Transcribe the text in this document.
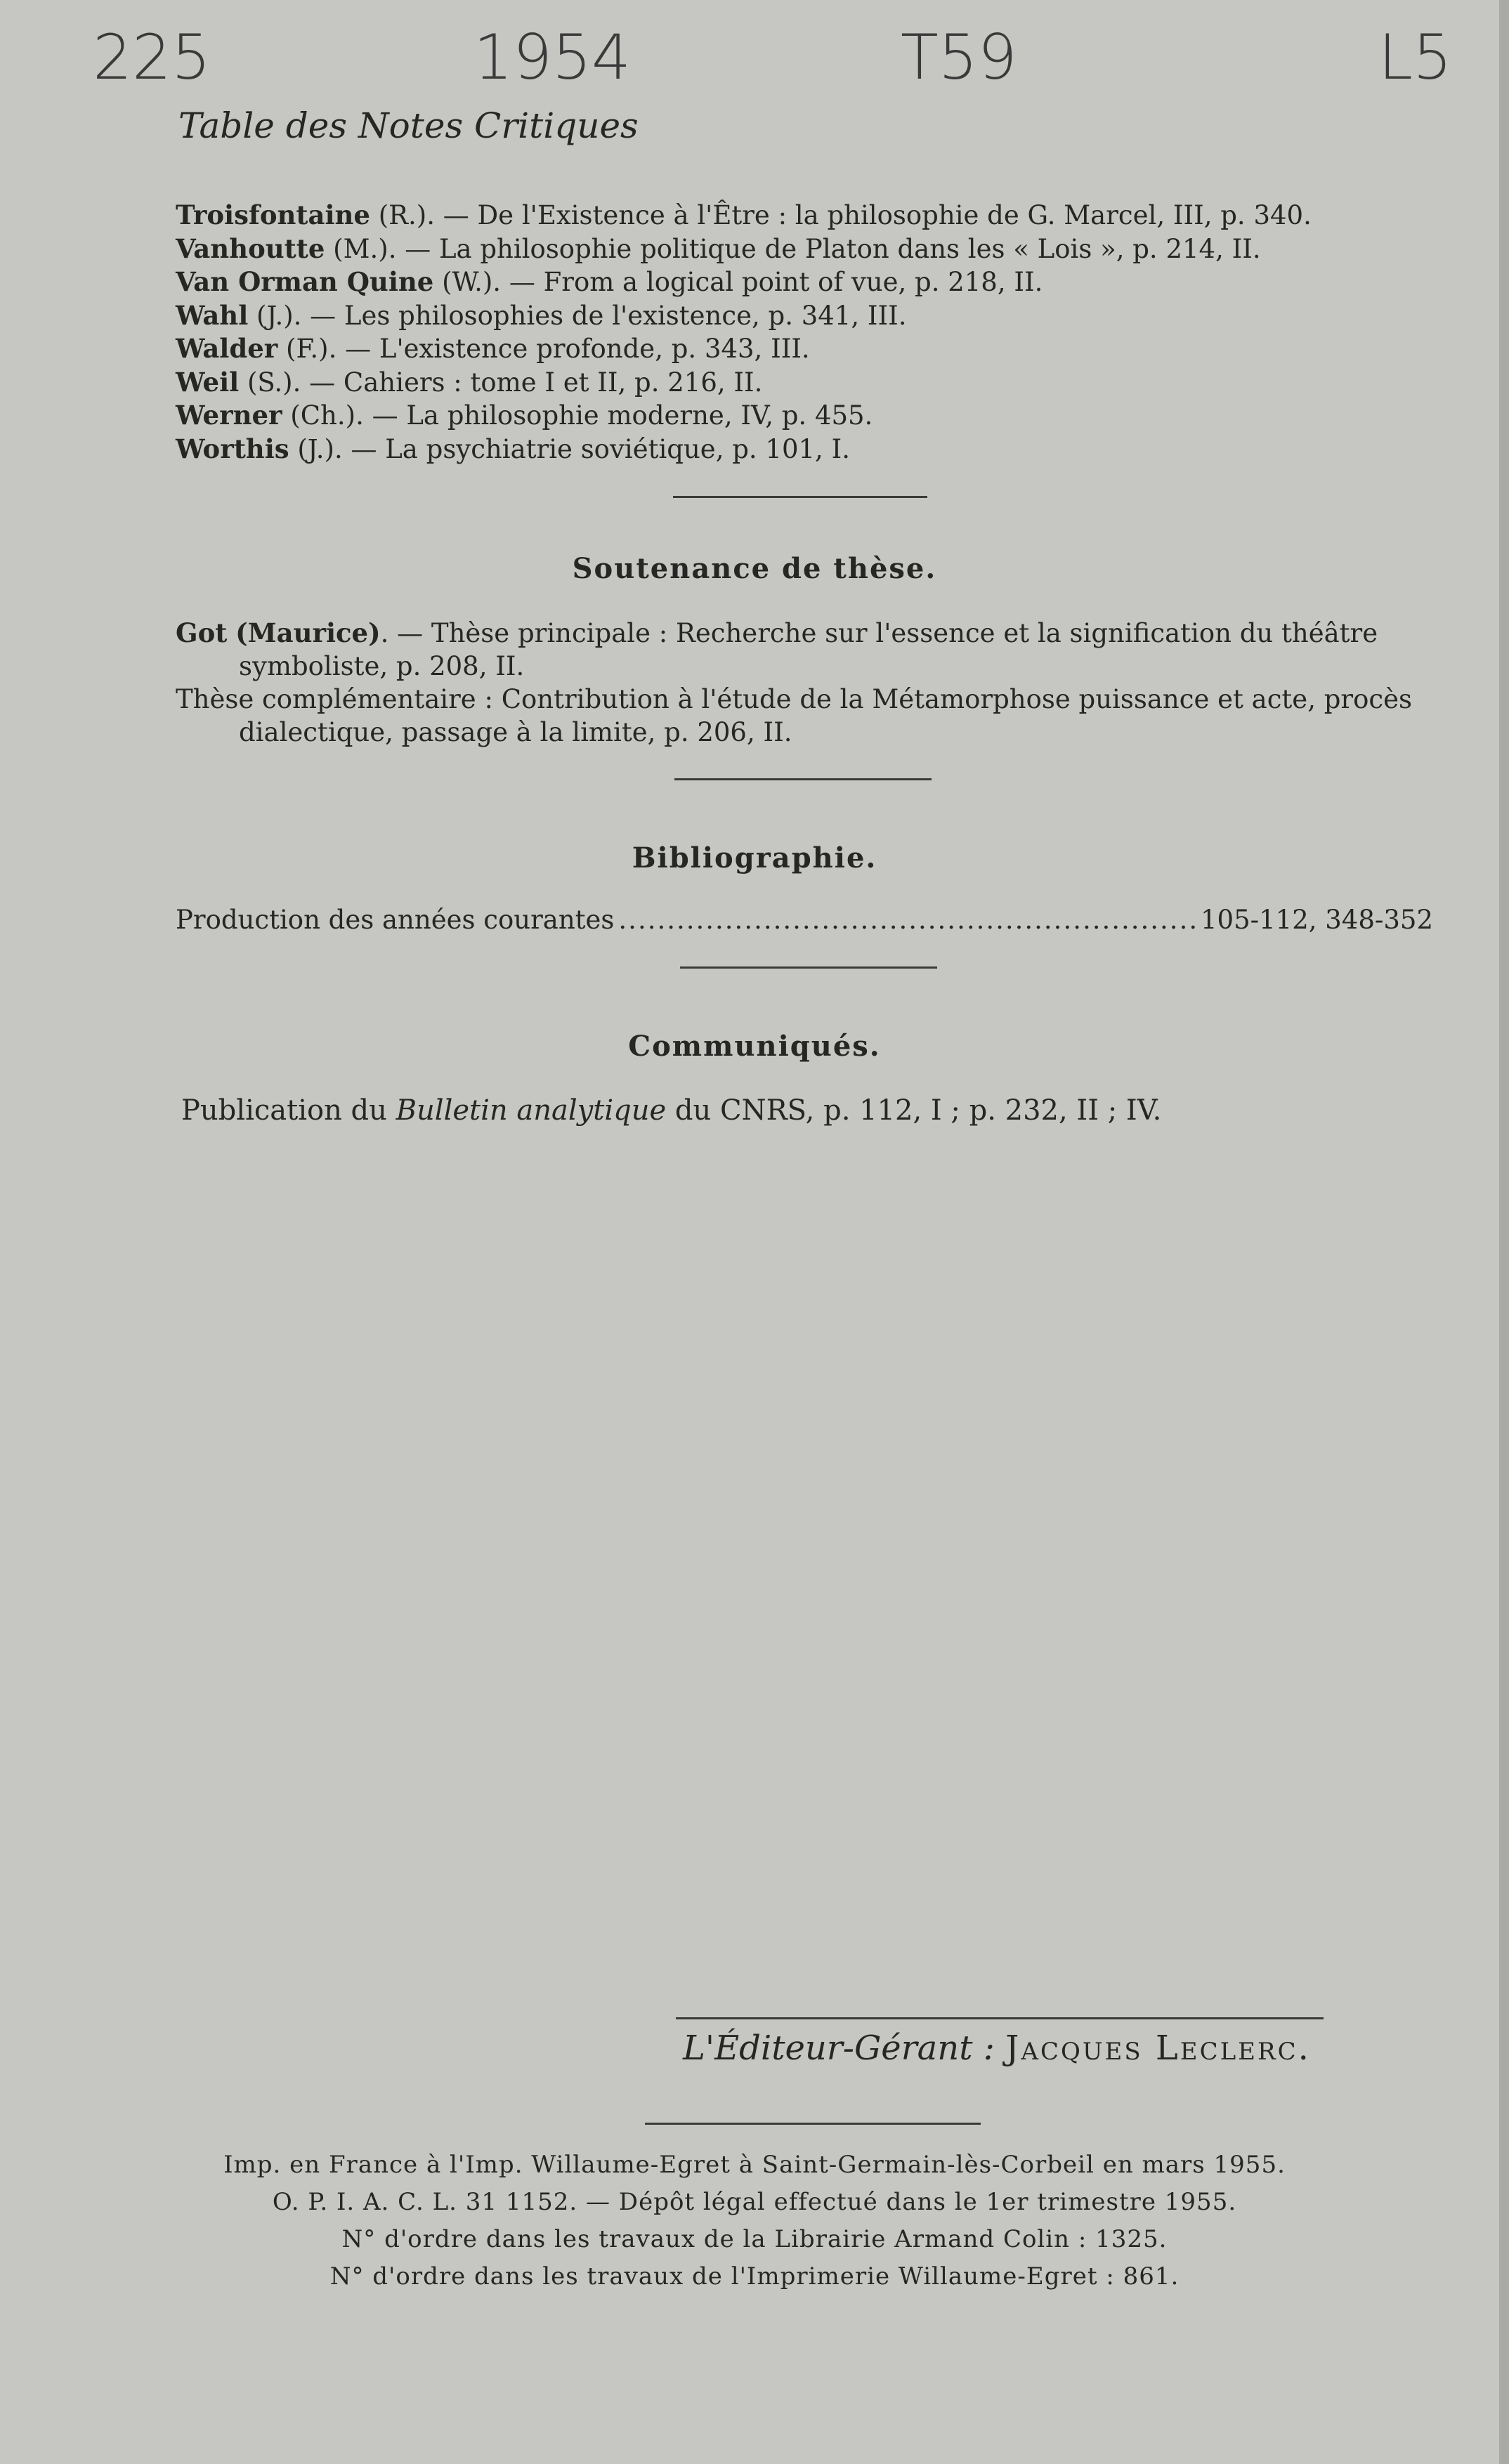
225	1954	T59	L5
Table des Notes Critiques
Troisfontaine (R.). — De l'Existence à l'Être : la philosophie de G. Marcel, III, p. 340.
Vanhoutte (M.). — La philosophie politique de Platon dans les « Lois », p. 214, II.
Van Orman Quine (W.). — From a logical point of vue, p. 218, II.
Wahl (J.). — Les philosophies de l'existence, p. 341, III.
Walder (F.). — L'existence profonde, p. 343, III.
Weil (S.). — Cahiers : tome I et II, p. 216, II.
Werner (Ch.). — La philosophie moderne, IV, p. 455.
Worthis (J.). — La psychiatrie soviétique, p. 101, I.
Soutenance de thèse.

Got (Maurice). — Thèse principale : Recherche sur l'essence et la signification du théâtre symboliste, p. 208, II.

Thèse complémentaire : Contribution à l'étude de la Métamorphose puissance et acte, procès dialectique, passage à la limite, p. 206, II.

Bibliographie.
Production des années courantes
.....	105-112, 348-352
Communiqués.
Publication du Bulletin analytique du CNRS, p. 112, I ; p. 232, II ; IV.
L'Éditeur-Gérant : Jacques Leclerc.
Imp. en France à l'Imp. Willaume-Egret à Saint-Germain-lès-Corbeil en mars 1955.
O. P. I. A. C. L. 31 1152. — Dépôt légal effectué dans le 1er trimestre 1955.
N° d'ordre dans les travaux de la Librairie Armand Colin : 1325.
N° d'ordre dans les travaux de l'Imprimerie Willaume-Egret : 861.
